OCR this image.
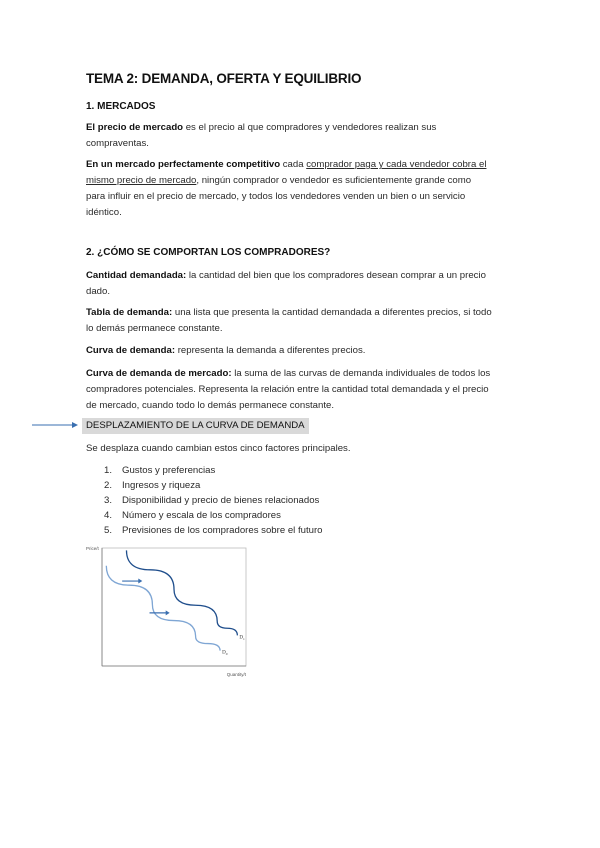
TEMA 2: DEMANDA, OFERTA Y EQUILIBRIO
1. MERCADOS
El precio de mercado es el precio al que compradores y vendedores realizan sus
compraventas.
En un mercado perfectamente competitivo cada comprador paga y cada vendedor cobra el
mismo precio de mercado, ningún comprador o vendedor es suficientemente grande como
para influir en el precio de mercado, y todos los vendedores venden un bien o un servicio
idéntico.
2. ¿CÓMO SE COMPORTAN LOS COMPRADORES?
Cantidad demandada: la cantidad del bien que los compradores desean comprar a un precio
dado.
Tabla de demanda: una lista que presenta la cantidad demandada a diferentes precios, si todo
lo demás permanece constante.
Curva de demanda: representa la demanda a diferentes precios.
Curva de demanda de mercado: la suma de las curvas de demanda individuales de todos los
compradores potenciales. Representa la relación entre la cantidad total demandada y el precio
de mercado, cuando todo lo demás permanece constante.
DESPLAZAMIENTO DE LA CURVA DE DEMANDA
Se desplaza cuando cambian estos cinco factores principales.
1.	Gustos y preferencias
2.	Ingresos y riqueza
3.	Disponibilidad y precio de bienes relacionados
4.	Número y escala de los compradores
5.	Previsiones de los compradores sobre el futuro
Price/t
Quantity/t
$D_0$
$D_1$
